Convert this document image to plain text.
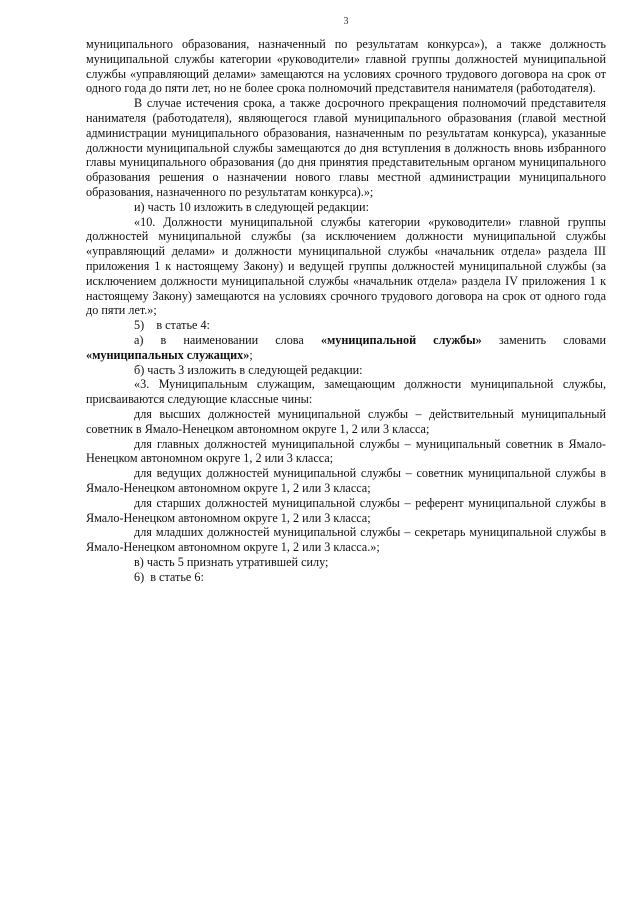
3

муниципального образования, назначенный по результатам конкурса»), а также должность муниципальной службы категории «руководители» главной группы должностей муниципальной службы «управляющий делами» замещаются на условиях срочного трудового договора на срок от одного года до пяти лет, но не более срока полномочий представителя нанимателя (работодателя).

В случае истечения срока, а также досрочного прекращения полномочий представителя нанимателя (работодателя), являющегося главой муниципального образования (главой местной администрации муниципального образования, назначенным по результатам конкурса), указанные должности муниципальной службы замещаются до дня вступления в должность вновь избранного главы муниципального образования (до дня принятия представительным органом муниципального образования решения о назначении нового главы местной администрации муниципального образования, назначенного по результатам конкурса).»;

и) часть 10 изложить в следующей редакции:

«10. Должности муниципальной службы категории «руководители» главной группы должностей муниципальной службы (за исключением должности муниципальной службы «управляющий делами» и должности муниципальной службы «начальник отдела» раздела III приложения 1 к настоящему Закону) и ведущей группы должностей муниципальной службы (за исключением должности муниципальной службы «начальник отдела» раздела IV приложения 1 к настоящему Закону) замещаются на условиях срочного трудового договора на срок от одного года до пяти лет.»;

5)    в статье 4:

а) в наименовании слова «муниципальной службы» заменить словами «муниципальных служащих»;

б) часть 3 изложить в следующей редакции:

«3. Муниципальным служащим, замещающим должности муниципальной службы, присваиваются следующие классные чины:

для высших должностей муниципальной службы – действительный муниципальный советник в Ямало-Ненецком автономном округе 1, 2 или 3 класса;

для главных должностей муниципальной службы – муниципальный советник в Ямало-Ненецком автономном округе 1, 2 или 3 класса;

для ведущих должностей муниципальной службы – советник муниципальной службы в Ямало-Ненецком автономном округе 1, 2 или 3 класса;

для старших должностей муниципальной службы – референт муниципальной службы в Ямало-Ненецком автономном округе 1, 2 или 3 класса;

для младших должностей муниципальной службы – секретарь муниципальной службы в Ямало-Ненецком автономном округе 1, 2 или 3 класса.»;

в) часть 5 признать утратившей силу;

6)  в статье 6:
